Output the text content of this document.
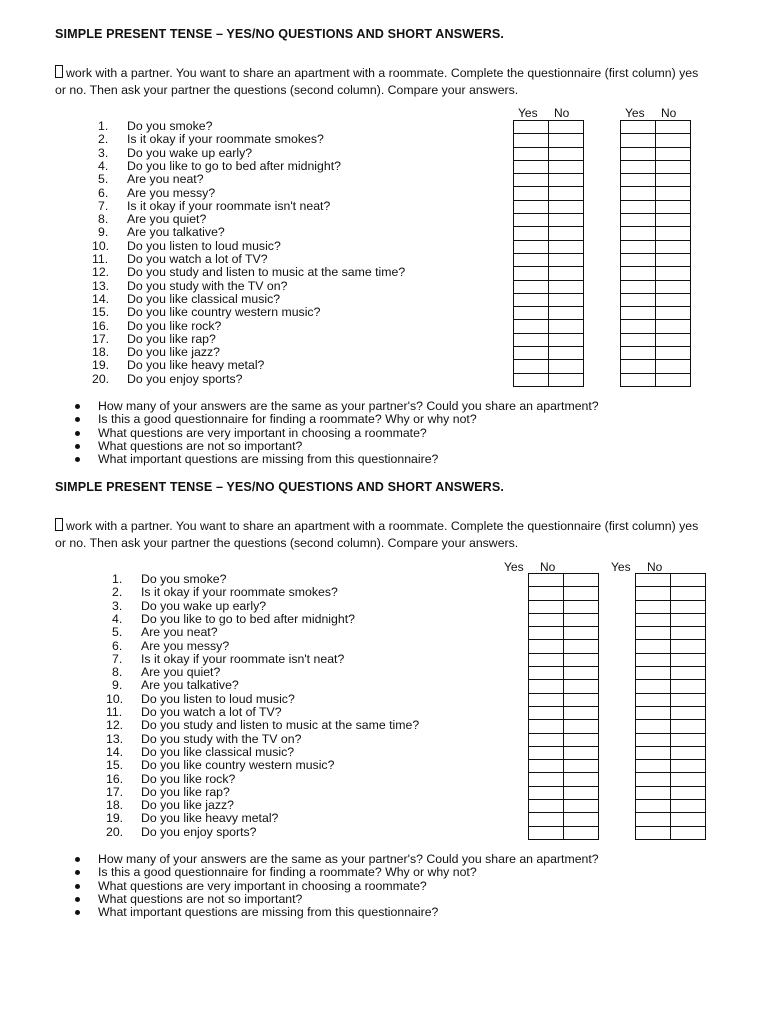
SIMPLE PRESENT TENSE – YES/NO QUESTIONS AND SHORT ANSWERS.
work with a partner. You want to share an apartment with a roommate. Complete the questionnaire (first column) yes or no. Then ask your partner the questions (second column). Compare your answers.
Yes No	Yes No
1. Do you smoke?
2. Is it okay if your roommate smokes?
3. Do you wake up early?
4. Do you like to go to bed after midnight?
5. Are you neat?
6. Are you messy?
7. Is it okay if your roommate isn't neat?
8. Are you quiet?
9. Are you talkative?
10. Do you listen to loud music?
11. Do you watch a lot of TV?
12. Do you study and listen to music at the same time?
13. Do you study with the TV on?
14. Do you like classical music?
15. Do you like country western music?
16. Do you like rock?
17. Do you like rap?
18. Do you like jazz?
19. Do you like heavy metal?
20. Do you enjoy sports?

How many of your answers are the same as your partner's? Could you share an apartment?
Is this a good questionnaire for finding a roommate? Why or why not?
What questions are very important in choosing a roommate?
What questions are not so important?
What important questions are missing from this questionnaire?
SIMPLE PRESENT TENSE – YES/NO QUESTIONS AND SHORT ANSWERS.
work with a partner. You want to share an apartment with a roommate. Complete the questionnaire (first column) yes or no. Then ask your partner the questions (second column). Compare your answers.
Yes No	Yes No
1. Do you smoke?
2. Is it okay if your roommate smokes?
3. Do you wake up early?
4. Do you like to go to bed after midnight?
5. Are you neat?
6. Are you messy?
7. Is it okay if your roommate isn't neat?
8. Are you quiet?
9. Are you talkative?
10. Do you listen to loud music?
11. Do you watch a lot of TV?
12. Do you study and listen to music at the same time?
13. Do you study with the TV on?
14. Do you like classical music?
15. Do you like country western music?
16. Do you like rock?
17. Do you like rap?
18. Do you like jazz?
19. Do you like heavy metal?
20. Do you enjoy sports?

How many of your answers are the same as your partner's? Could you share an apartment?
Is this a good questionnaire for finding a roommate? Why or why not?
What questions are very important in choosing a roommate?
What questions are not so important?
What important questions are missing from this questionnaire?
